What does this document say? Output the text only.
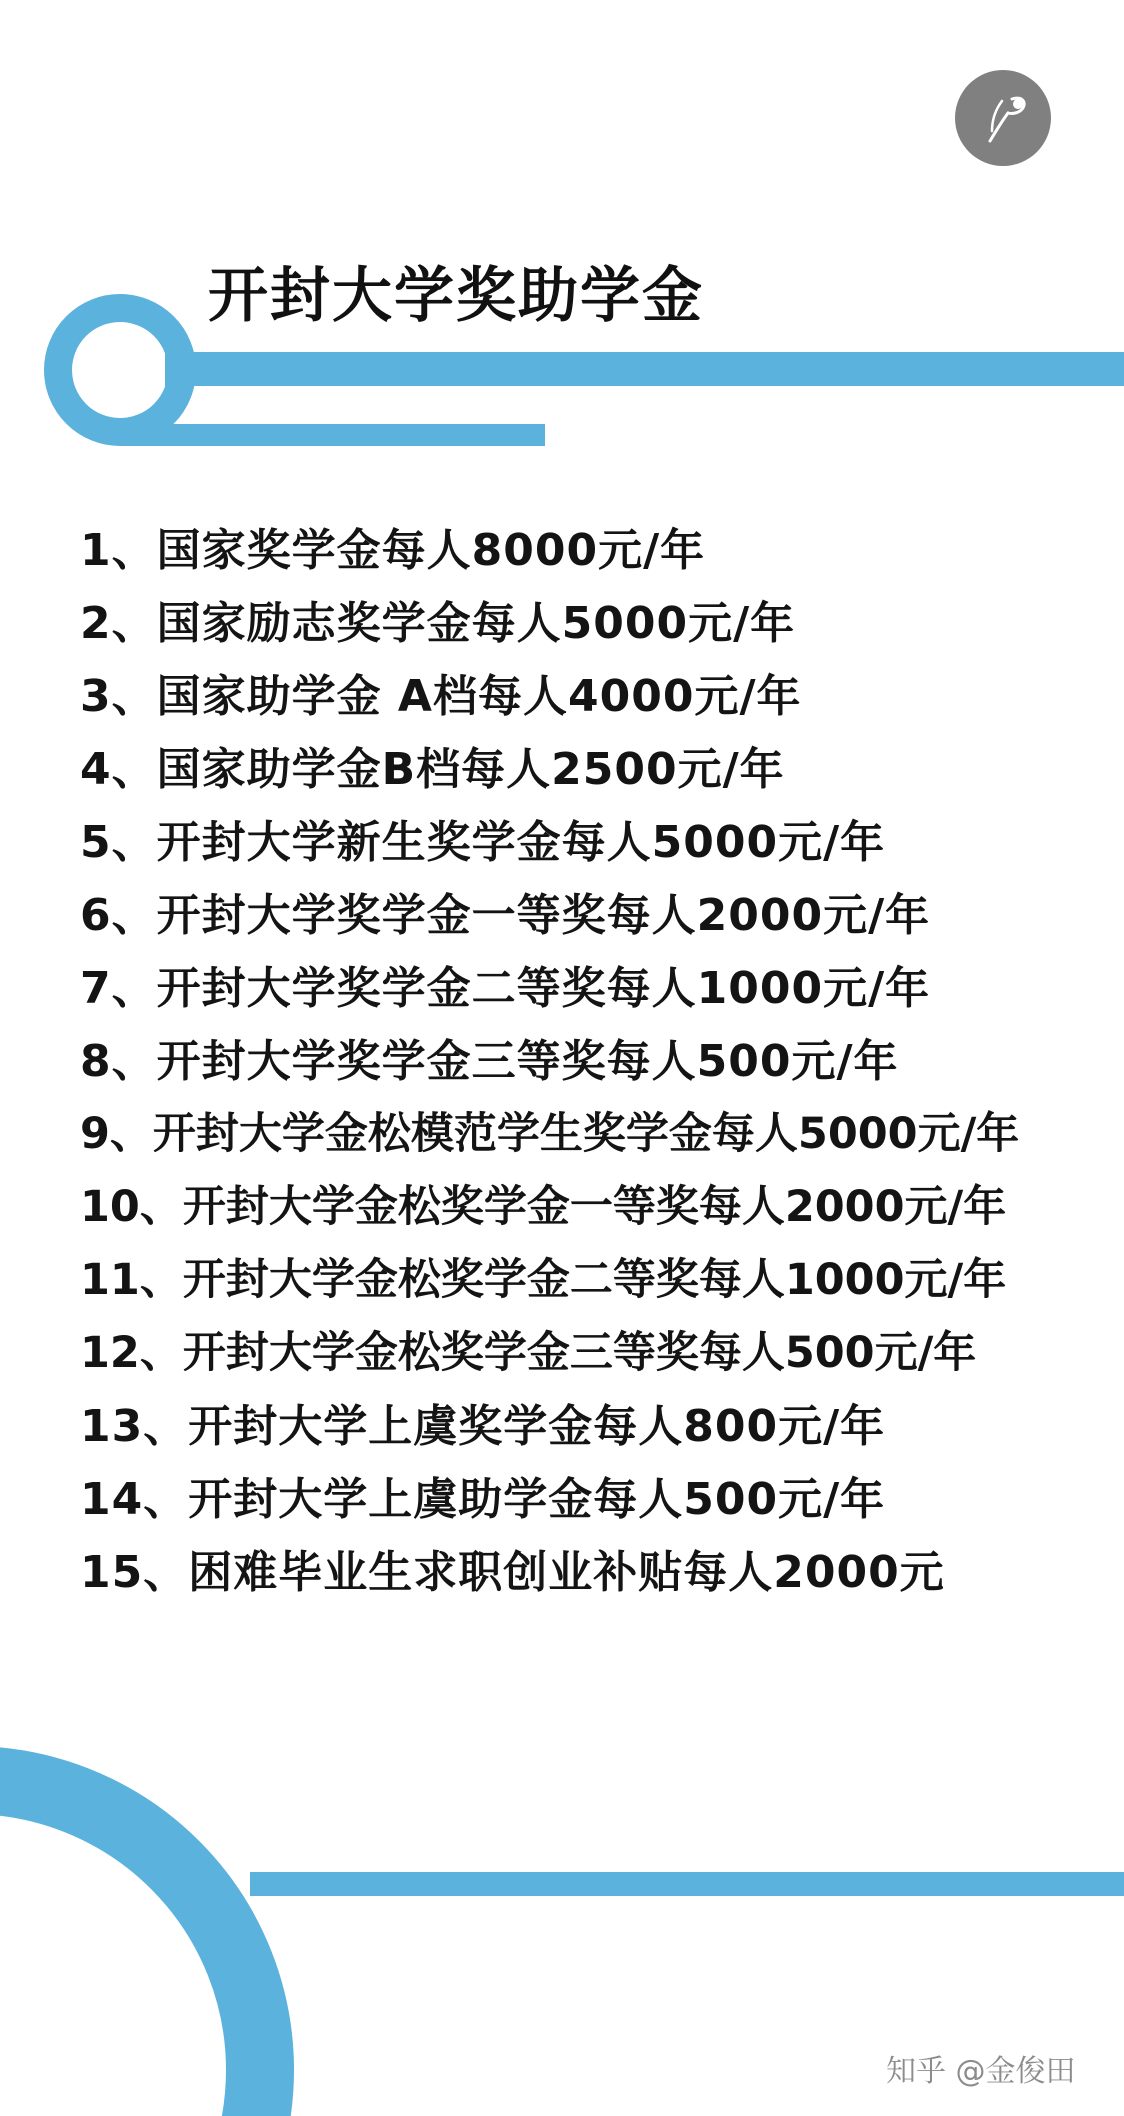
开封大学奖助学金
1、国家奖学金每人8000元/年
2、国家励志奖学金每人5000元/年
3、国家助学金 A档每人4000元/年
4、国家助学金B档每人2500元/年
5、开封大学新生奖学金每人5000元/年
6、开封大学奖学金一等奖每人2000元/年
7、开封大学奖学金二等奖每人1000元/年
8、开封大学奖学金三等奖每人500元/年
9、开封大学金松模范学生奖学金每人5000元/年
10、开封大学金松奖学金一等奖每人2000元/年
11、开封大学金松奖学金二等奖每人1000元/年
12、开封大学金松奖学金三等奖每人500元/年
13、开封大学上虞奖学金每人800元/年
14、开封大学上虞助学金每人500元/年
15、困难毕业生求职创业补贴每人2000元
知乎 @金俊田
